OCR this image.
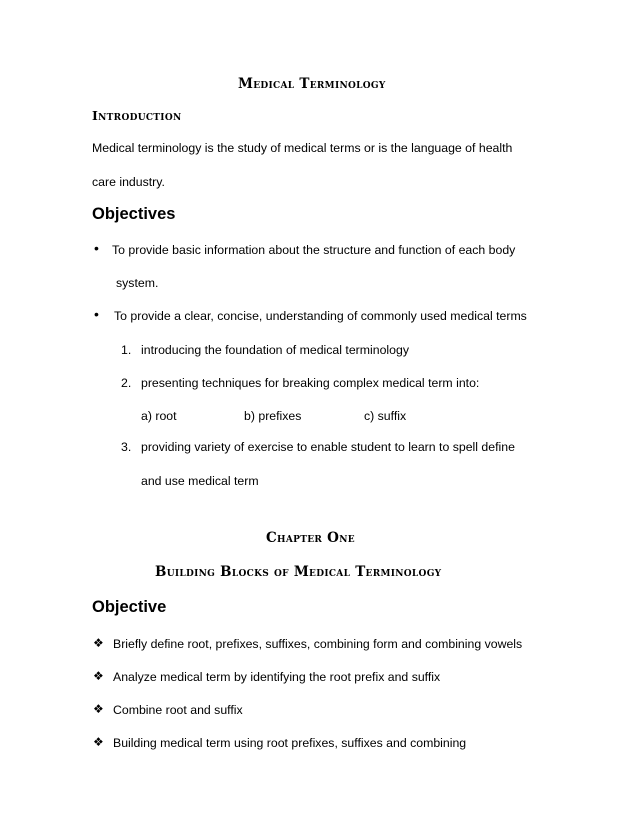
Medical Terminology
Introduction
Medical terminology is the study of medical terms or is the language of health
care industry.
Objectives
• To provide basic information about the structure and function of each body
system.
• To provide a clear, concise, understanding of commonly used medical terms
1. introducing the foundation of medical terminology
2. presenting techniques for breaking complex medical term into:
a) root	b) prefixes	c) suffix
3. providing variety of exercise to enable student to learn to spell define
and use medical term
Chapter One
Building Blocks of Medical Terminology
Objective
❖ Briefly define root, prefixes, suffixes, combining form and combining vowels
❖ Analyze medical term by identifying the root prefix and suffix
❖ Combine root and suffix
❖ Building medical term using root prefixes, suffixes and combining
